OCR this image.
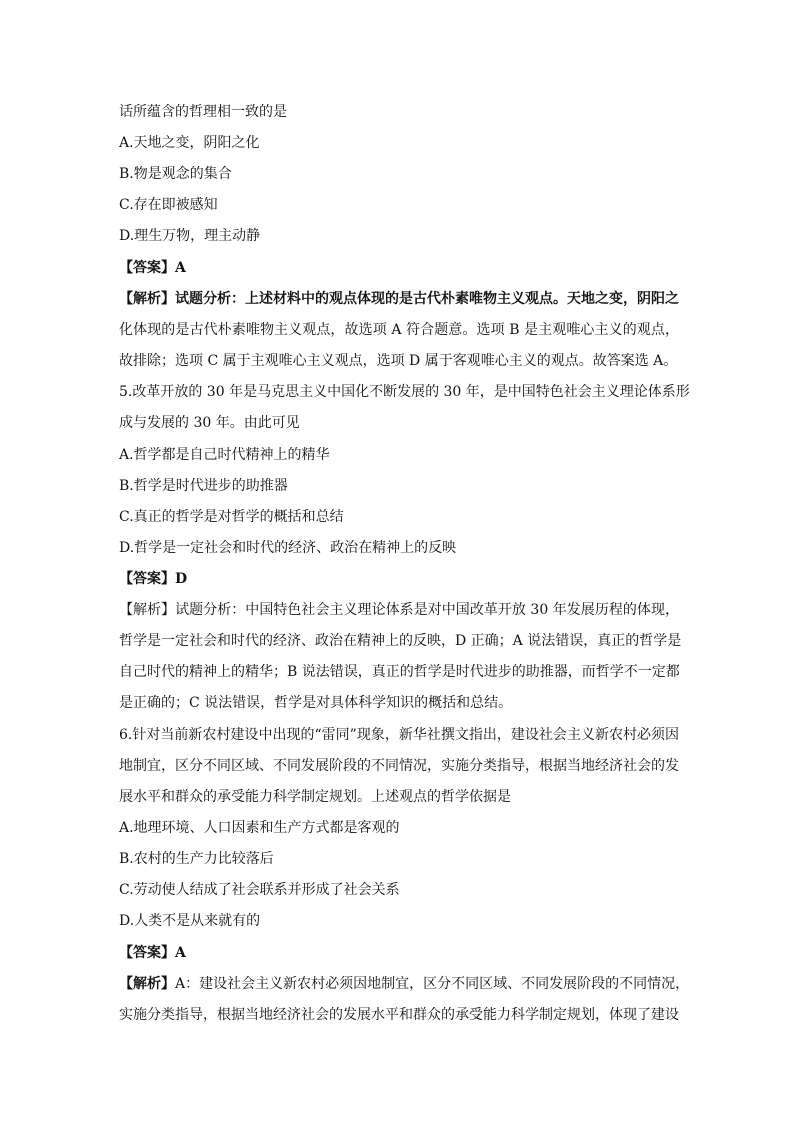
话所蕴含的哲理相一致的是
A.天地之变，阴阳之化
B.物是观念的集合
C.存在即被感知
D.理生万物，理主动静
【答案】A
【解析】试题分析：上述材料中的观点体现的是古代朴素唯物主义观点。天地之变，阴阳之
化体现的是古代朴素唯物主义观点，故选项 A 符合题意。选项 B 是主观唯心主义的观点，
故排除；选项 C 属于主观唯心主义观点，选项 D 属于客观唯心主义的观点。故答案选 A。
5.改革开放的 30 年是马克思主义中国化不断发展的 30 年，是中国特色社会主义理论体系形
成与发展的 30 年。由此可见
A.哲学都是自己时代精神上的精华
B.哲学是时代进步的助推器
C.真正的哲学是对哲学的概括和总结
D.哲学是一定社会和时代的经济、政治在精神上的反映
【答案】D
【解析】试题分析：中国特色社会主义理论体系是对中国改革开放 30 年发展历程的体现，
哲学是一定社会和时代的经济、政治在精神上的反映，D 正确；A 说法错误，真正的哲学是
自己时代的精神上的精华；B 说法错误，真正的哲学是时代进步的助推器，而哲学不一定都
是正确的；C 说法错误，哲学是对具体科学知识的概括和总结。
6.针对当前新农村建设中出现的“雷同”现象，新华社撰文指出，建设社会主义新农村必须因
地制宜，区分不同区域、不同发展阶段的不同情况，实施分类指导，根据当地经济社会的发
展水平和群众的承受能力科学制定规划。上述观点的哲学依据是
A.地理环境、人口因素和生产方式都是客观的
B.农村的生产力比较落后
C.劳动使人结成了社会联系并形成了社会关系
D.人类不是从来就有的
【答案】A
【解析】A：建设社会主义新农村必须因地制宜，区分不同区域、不同发展阶段的不同情况，
实施分类指导，根据当地经济社会的发展水平和群众的承受能力科学制定规划，体现了建设
